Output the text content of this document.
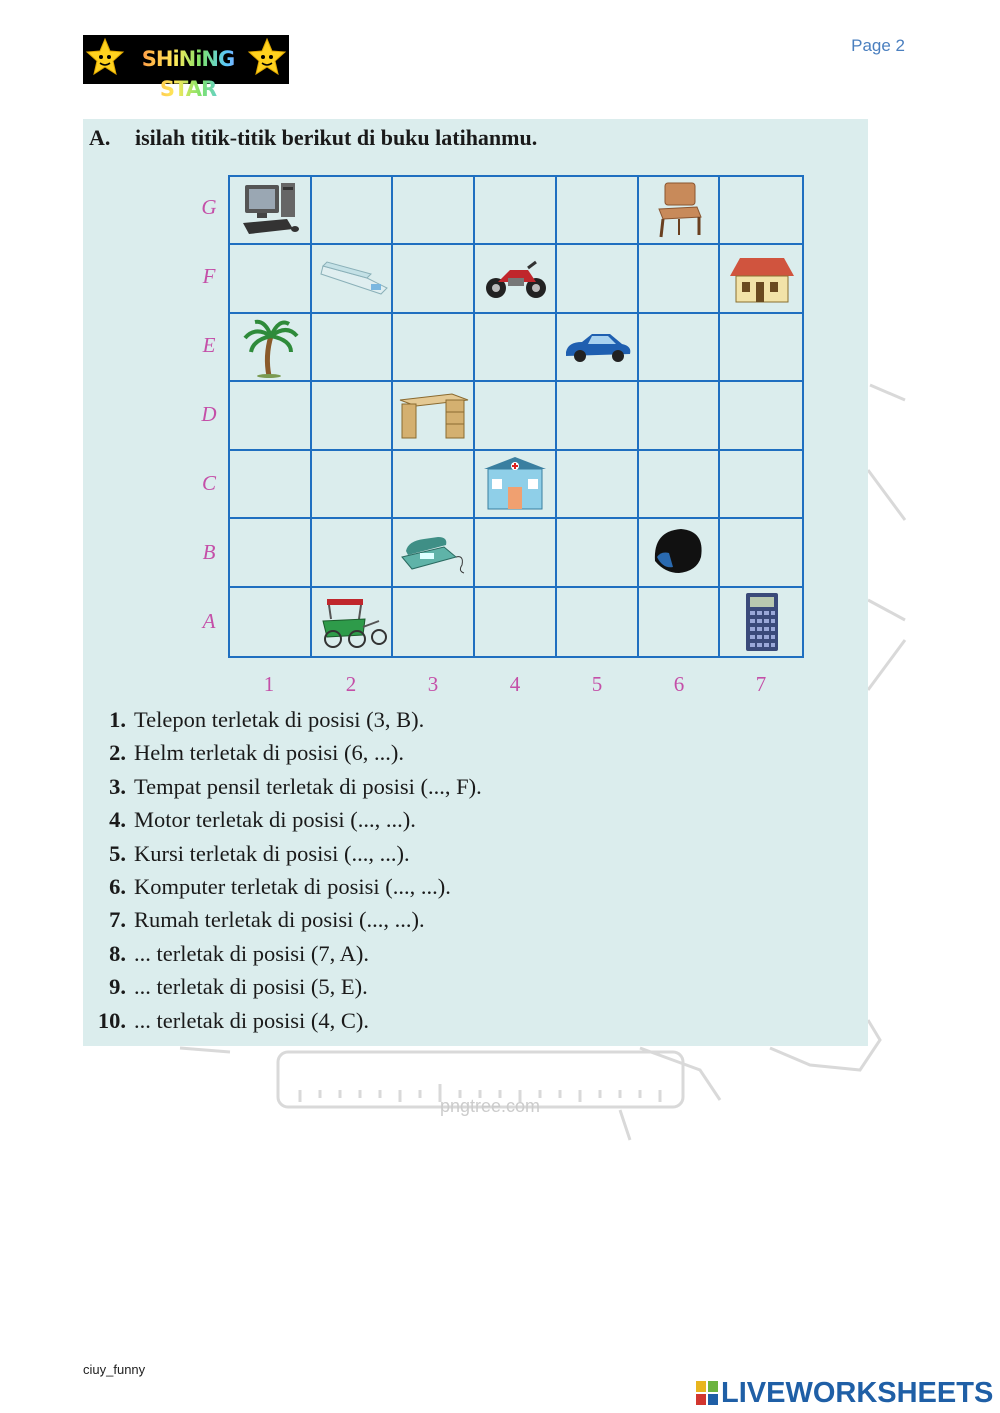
pngtree.com
SHiNiNG STAR
Page 2
A. isilah titik-titik berikut di buku latihanmu.
G
F
E
D
C
B
A
1	2	3	4	5	6	7
1. Telepon terletak di posisi (3, B).
2. Helm terletak di posisi (6, ...).
3. Tempat pensil terletak di posisi (..., F).
4. Motor terletak di posisi (..., ...).
5. Kursi terletak di posisi (..., ...).
6. Komputer terletak di posisi (..., ...).
7. Rumah terletak di posisi (..., ...).
8. ... terletak di posisi (7, A).
9. ... terletak di posisi (5, E).
10. ... terletak di posisi (4, C).
ciuy_funny
LIVEWORKSHEETS
